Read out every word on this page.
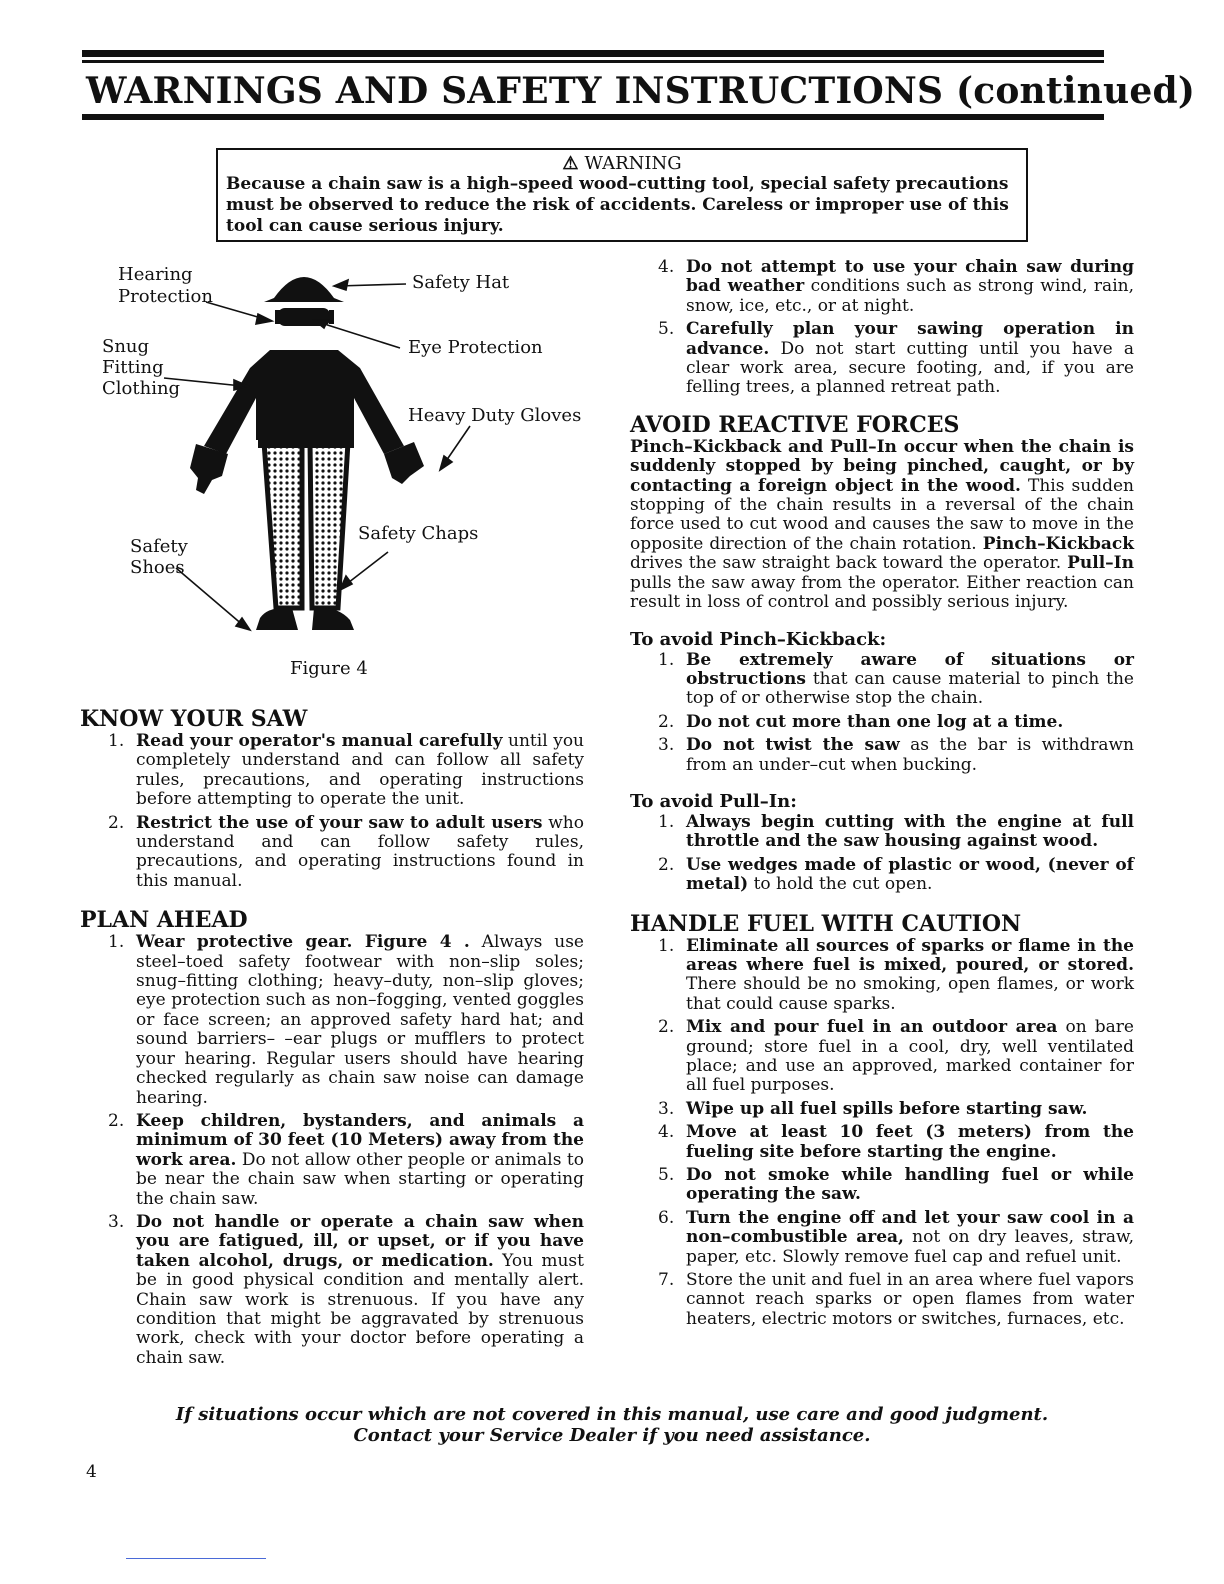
WARNINGS AND SAFETY INSTRUCTIONS (continued)
⚠ WARNING
Because a chain saw is a high–speed wood–cutting tool, special safety precautions must be observed to reduce the risk of accidents. Careless or improper use of this tool can cause serious injury.
Hearing
Protection
Safety Hat
Snug
Fitting
Clothing
Eye Protection
Heavy Duty Gloves
Safety Chaps
Safety
Shoes
Figure 4
KNOW YOUR SAW
1. Read your operator's manual carefully until you completely understand and can follow all safety rules, precautions, and operating instructions before attempting to operate the unit.
2. Restrict the use of your saw to adult users who understand and can follow safety rules, precautions, and operating instructions found in this manual.
PLAN AHEAD
1. Wear protective gear. Figure 4 . Always use steel–toed safety footwear with non–slip soles; snug–fitting clothing; heavy–duty, non–slip gloves; eye protection such as non–fogging, vented goggles or face screen; an approved safety hard hat; and sound barriers– –ear plugs or mufflers to protect your hearing. Regular users should have hearing checked regularly as chain saw noise can damage hearing.
2. Keep children, bystanders, and animals a minimum of 30 feet (10 Meters) away from the work area. Do not allow other people or animals to be near the chain saw when starting or operating the chain saw.
3. Do not handle or operate a chain saw when you are fatigued, ill, or upset, or if you have taken alcohol, drugs, or medication. You must be in good physical condition and mentally alert. Chain saw work is strenuous. If you have any condition that might be aggravated by strenuous work, check with your doctor before operating a chain saw.
4. Do not attempt to use your chain saw during bad weather conditions such as strong wind, rain, snow, ice, etc., or at night.
5. Carefully plan your sawing operation in advance. Do not start cutting until you have a clear work area, secure footing, and, if you are felling trees, a planned retreat path.
AVOID REACTIVE FORCES
Pinch–Kickback and Pull–In occur when the chain is suddenly stopped by being pinched, caught, or by contacting a foreign object in the wood. This sudden stopping of the chain results in a reversal of the chain force used to cut wood and causes the saw to move in the opposite direction of the chain rotation. Pinch–Kickback drives the saw straight back toward the operator. Pull–In pulls the saw away from the operator. Either reaction can result in loss of control and possibly serious injury.
To avoid Pinch–Kickback:
1. Be extremely aware of situations or obstructions that can cause material to pinch the top of or otherwise stop the chain.
2. Do not cut more than one log at a time.
3. Do not twist the saw as the bar is withdrawn from an under–cut when bucking.
To avoid Pull–In:
1. Always begin cutting with the engine at full throttle and the saw housing against wood.
2. Use wedges made of plastic or wood, (never of metal) to hold the cut open.
HANDLE FUEL WITH CAUTION
1. Eliminate all sources of sparks or flame in the areas where fuel is mixed, poured, or stored. There should be no smoking, open flames, or work that could cause sparks.
2. Mix and pour fuel in an outdoor area on bare ground; store fuel in a cool, dry, well ventilated place; and use an approved, marked container for all fuel purposes.
3. Wipe up all fuel spills before starting saw.
4. Move at least 10 feet (3 meters) from the fueling site before starting the engine.
5. Do not smoke while handling fuel or while operating the saw.
6. Turn the engine off and let your saw cool in a non–combustible area, not on dry leaves, straw, paper, etc. Slowly remove fuel cap and refuel unit.
7. Store the unit and fuel in an area where fuel vapors cannot reach sparks or open flames from water heaters, electric motors or switches, furnaces, etc.
If situations occur which are not covered in this manual, use care and good judgment.
Contact your Service Dealer if you need assistance.
4
